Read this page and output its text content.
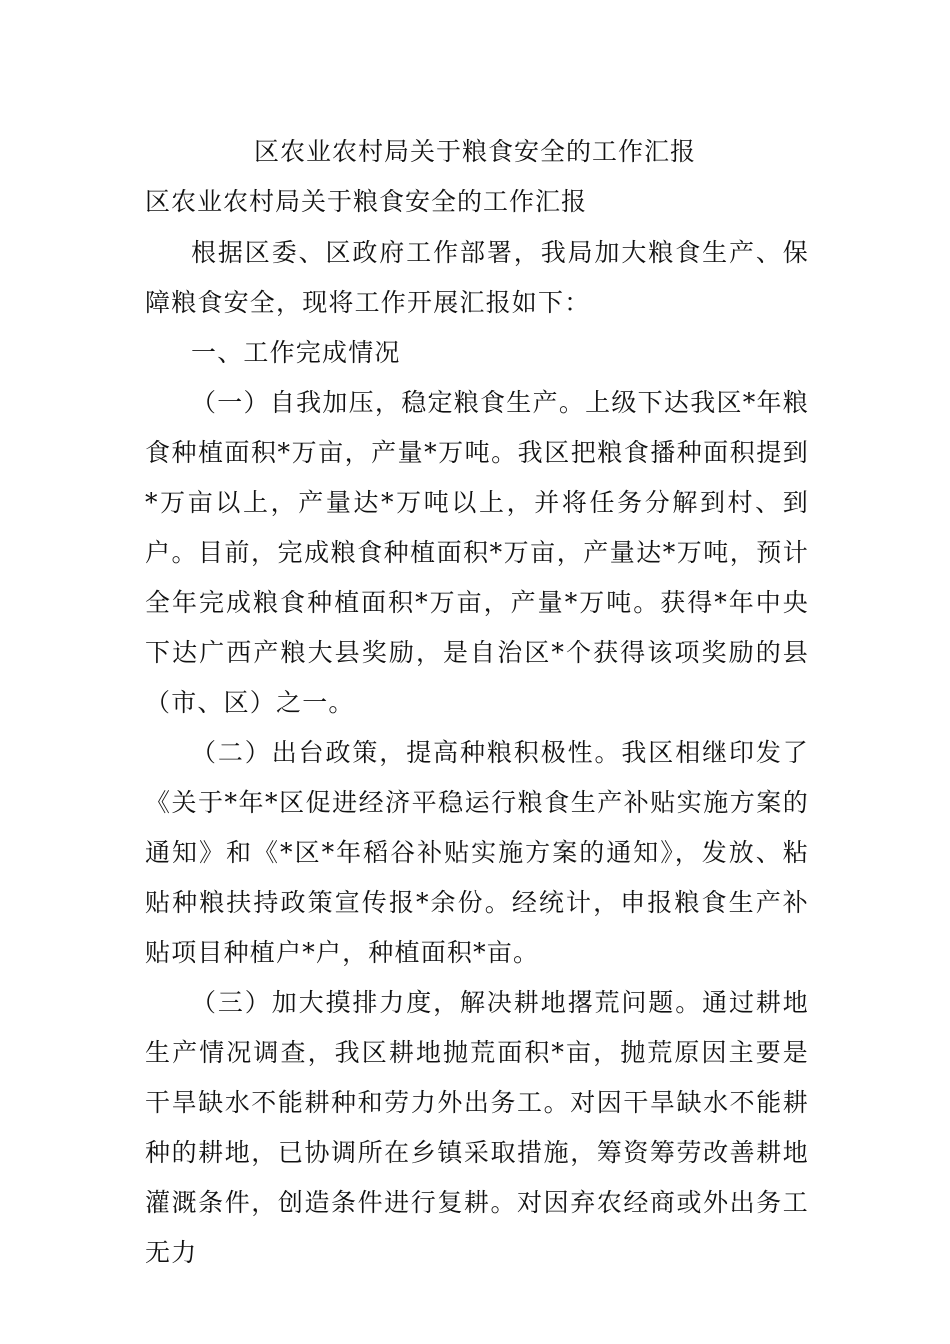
区农业农村局关于粮食安全的工作汇报
区农业农村局关于粮食安全的工作汇报

根据区委、区政府工作部署，我局加大粮食生产、保障粮食安全，现将工作开展汇报如下：

一、工作完成情况

（一）自我加压，稳定粮食生产。上级下达我区*年粮食种植面积*万亩，产量*万吨。我区把粮食播种面积提到*万亩以上，产量达*万吨以上，并将任务分解到村、到户。目前，完成粮食种植面积*万亩，产量达*万吨，预计全年完成粮食种植面积*万亩，产量*万吨。获得*年中央下达广西产粮大县奖励，是自治区*个获得该项奖励的县（市、区）之一。

（二）出台政策，提高种粮积极性。我区相继印发了《关于*年*区促进经济平稳运行粮食生产补贴实施方案的通知》和《*区*年稻谷补贴实施方案的通知》，发放、粘贴种粮扶持政策宣传报*余份。经统计，申报粮食生产补贴项目种植户*户，种植面积*亩。

（三）加大摸排力度，解决耕地撂荒问题。通过耕地生产情况调查，我区耕地抛荒面积*亩，抛荒原因主要是干旱缺水不能耕种和劳力外出务工。对因干旱缺水不能耕种的耕地，已协调所在乡镇采取措施，筹资筹劳改善耕地灌溉条件，创造条件进行复耕。对因弃农经商或外出务工无力
